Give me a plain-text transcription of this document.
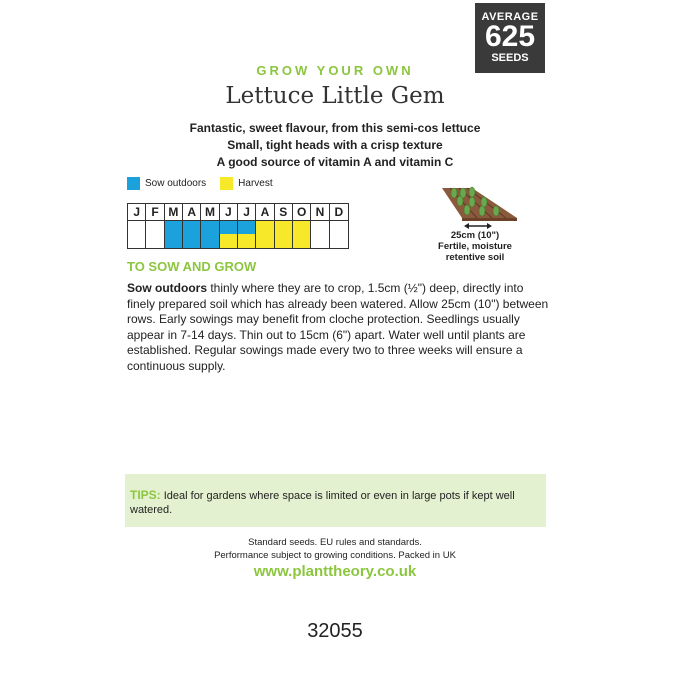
AVERAGE
625
SEEDS
GROW YOUR OWN
Lettuce Little Gem
Fantastic, sweet flavour, from this semi-cos lettuce
Small, tight heads with a crisp texture
A good source of vitamin A and vitamin C
Sow outdoors	Harvest
J F M A M J J A S O N D
25cm (10")
Fertile, moisture
retentive soil
TO SOW AND GROW
Sow outdoors thinly where they are to crop, 1.5cm (½") deep, directly into finely prepared soil which has already been watered. Allow 25cm (10") between rows. Early sowings may benefit from cloche protection. Seedlings usually appear in 7-14 days. Thin out to 15cm (6") apart. Water well until plants are established. Regular sowings made every two to three weeks will ensure a continuous supply.
TIPS: Ideal for gardens where space is limited or even in large pots if kept well watered.
Standard seeds. EU rules and standards.
Performance subject to growing conditions. Packed in UK
www.planttheory.co.uk
32055
